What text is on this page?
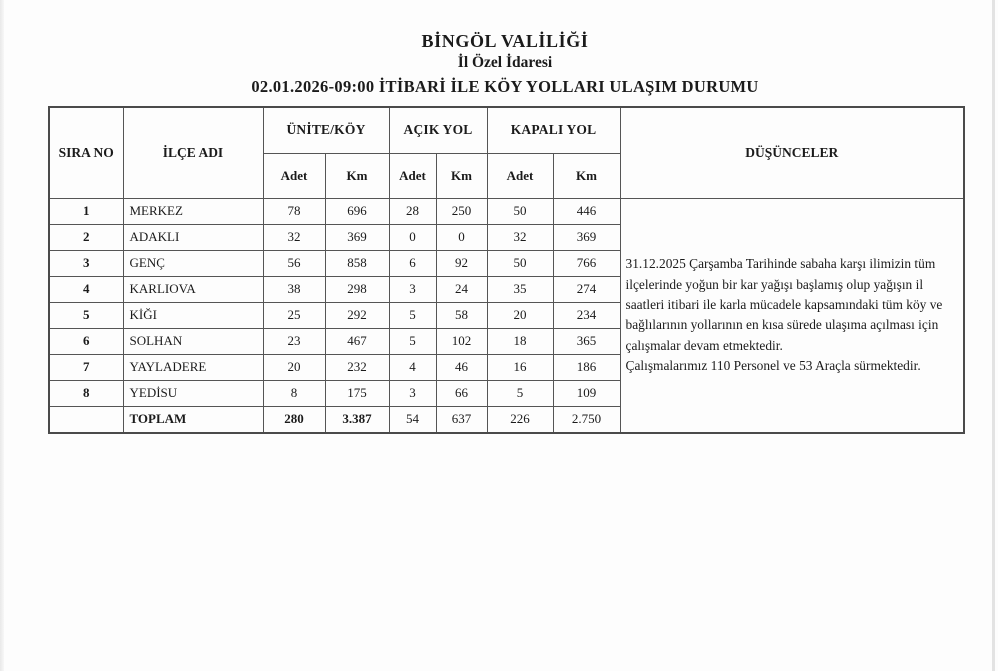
BİNGÖL VALİLİĞİ
İl Özel İdaresi
02.01.2026-09:00 İTİBARİ İLE KÖY YOLLARI ULAŞIM DURUMU
SIRA NO	İLÇE ADI	ÜNİTE/KÖY		AÇIK YOL		KAPALI YOL		DÜŞÜNCELER
		Adet	Km	Adet	Km	Adet	Km	
1	MERKEZ	78	696	28	250	50	446	31.12.2025 Çarşamba Tarihinde sabaha karşı ilimizin tüm ilçelerinde yoğun bir kar yağışı başlamış olup yağışın il saatleri itibari ile karla mücadele kapsamındaki tüm köy ve bağlılarının yollarının en kısa sürede ulaşıma açılması için çalışmalar devam etmektedir.

Çalışmalarımız 110 Personel ve 53 Araçla sürmektedir.

2	ADAKLI	32	369	0	0	32	369	
3	GENÇ	56	858	6	92	50	766	
4	KARLIOVA	38	298	3	24	35	274	
5	KİĞI	25	292	5	58	20	234	
6	SOLHAN	23	467	5	102	18	365	
7	YAYLADERE	20	232	4	46	16	186	
8	YEDİSU	8	175	3	66	5	109	
	TOPLAM	280	3.387	54	637	226	2.750	
